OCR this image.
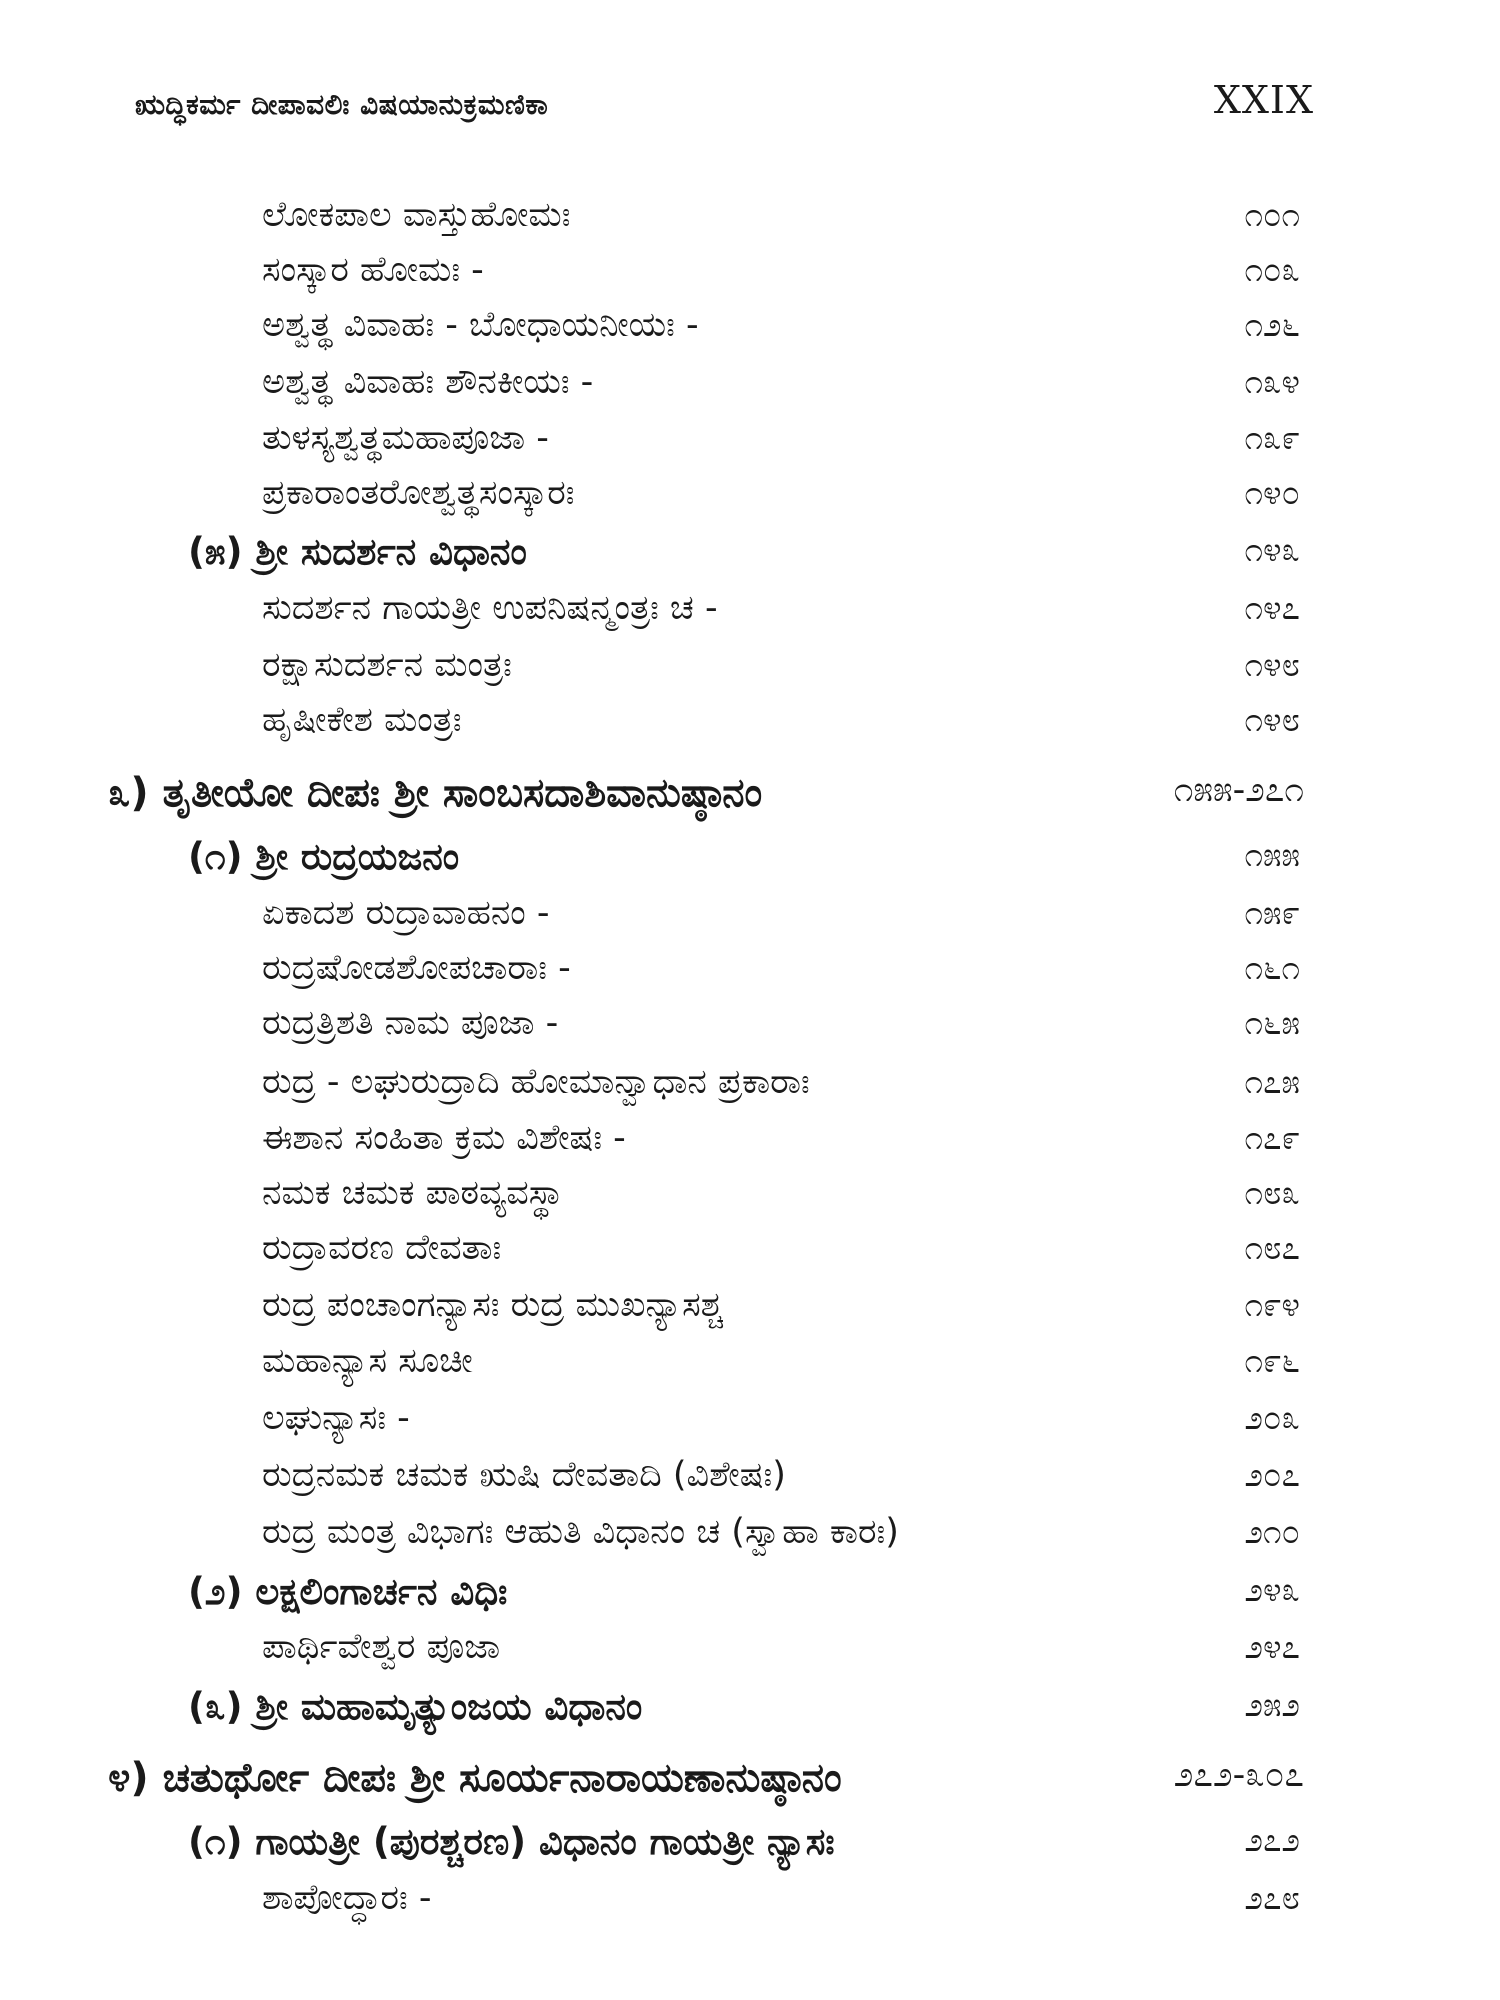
ಋದ್ಧಿಕರ್ಮ ದೀಪಾವಲಿಃ ವಿಷಯಾನುಕ್ರಮಣಿಕಾ	XXIX
ಲೋಕಪಾಲ ವಾಸ್ತುಹೋಮಃ	೧೦೧
ಸಂಸ್ಕಾರ ಹೋಮಃ -	೧೦೩
ಅಶ್ವತ್ಥ ವಿವಾಹಃ - ಬೋಧಾಯನೀಯಃ -	೧೨೬
ಅಶ್ವತ್ಥ ವಿವಾಹಃ ಶೌನಕೀಯಃ -	೧೩೪
ತುಳಸ್ಯಶ್ವತ್ಥಮಹಾಪೂಜಾ -	೧೩೯
ಪ್ರಕಾರಾಂತರೋಶ್ವತ್ಥಸಂಸ್ಕಾರಃ	೧೪೦
(೫) ಶ್ರೀ ಸುದರ್ಶನ ವಿಧಾನಂ	೧೪೩
ಸುದರ್ಶನ ಗಾಯತ್ರೀ ಉಪನಿಷನ್ಮಂತ್ರಃ ಚ -	೧೪೭
ರಕ್ಷಾಸುದರ್ಶನ ಮಂತ್ರಃ	೧೪೮
ಹೃಷೀಕೇಶ ಮಂತ್ರಃ	೧೪೮
೩) ತೃತೀಯೋ ದೀಪಃ ಶ್ರೀ ಸಾಂಬಸದಾಶಿವಾನುಷ್ಠಾನಂ	೧೫೫-೨೭೧
(೧) ಶ್ರೀ ರುದ್ರಯಜನಂ	೧೫೫
ಏಕಾದಶ ರುದ್ರಾವಾಹನಂ -	೧೫೯
ರುದ್ರಷೋಡಶೋಪಚಾರಾಃ -	೧೬೧
ರುದ್ರತ್ರಿಶತಿ ನಾಮ ಪೂಜಾ -	೧೬೫
ರುದ್ರ - ಲಘುರುದ್ರಾದಿ ಹೋಮಾನ್ವಾಧಾನ ಪ್ರಕಾರಾಃ	೧೭೫
ಈಶಾನ ಸಂಹಿತಾ ಕ್ರಮ ವಿಶೇಷಃ -	೧೭೯
ನಮಕ ಚಮಕ ಪಾಠವ್ಯವಸ್ಥಾ	೧೮೩
ರುದ್ರಾವರಣ ದೇವತಾಃ	೧೮೭
ರುದ್ರ ಪಂಚಾಂಗನ್ಯಾಸಃ ರುದ್ರ ಮುಖನ್ಯಾಸಶ್ಚ	೧೯೪
ಮಹಾನ್ಯಾಸ ಸೂಚೀ	೧೯೬
ಲಘುನ್ಯಾಸಃ -	೨೦೩
ರುದ್ರನಮಕ ಚಮಕ ಋಷಿ ದೇವತಾದಿ (ವಿಶೇಷಃ)	೨೦೭
ರುದ್ರ ಮಂತ್ರ ವಿಭಾಗಃ ಆಹುತಿ ವಿಧಾನಂ ಚ (ಸ್ವಾಹಾ ಕಾರಃ)	೨೧೦
(೨) ಲಕ್ಷಲಿಂಗಾರ್ಚನ ವಿಧಿಃ	೨೪೩
ಪಾರ್ಥಿವೇಶ್ವರ ಪೂಜಾ	೨೪೭
(೩) ಶ್ರೀ ಮಹಾಮೃತ್ಯುಂಜಯ ವಿಧಾನಂ	೨೫೨
೪) ಚತುರ್ಥೋ ದೀಪಃ ಶ್ರೀ ಸೂರ್ಯನಾರಾಯಣಾನುಷ್ಠಾನಂ	೨೭೨-೩೦೭
(೧) ಗಾಯತ್ರೀ (ಪುರಶ್ಚರಣ) ವಿಧಾನಂ ಗಾಯತ್ರೀ ನ್ಯಾಸಃ	೨೭೨
ಶಾಪೋದ್ಧಾರಃ -	೨೭೮
